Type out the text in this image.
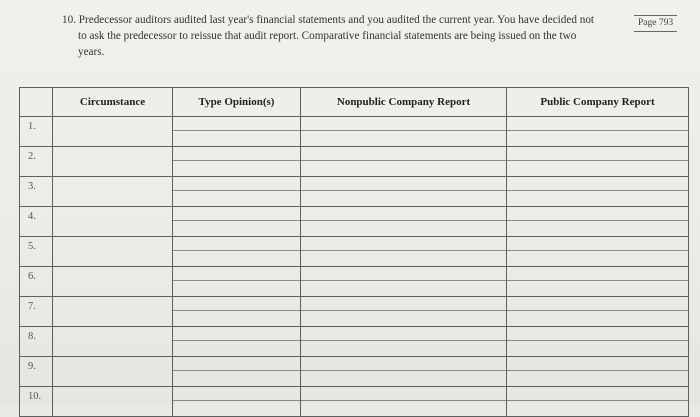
10. Predecessor auditors audited last year's financial statements and you audited the current year. You have decided not
to ask the predecessor to reissue that audit report. Comparative financial statements are being issued on the two
years.
Page 793
	Circumstance	Type Opinion(s)	Nonpublic Company Report	Public Company Report
1.		

2.		

3.		

4.		

5.		

6.		

7.		

8.		

9.		

10.		
